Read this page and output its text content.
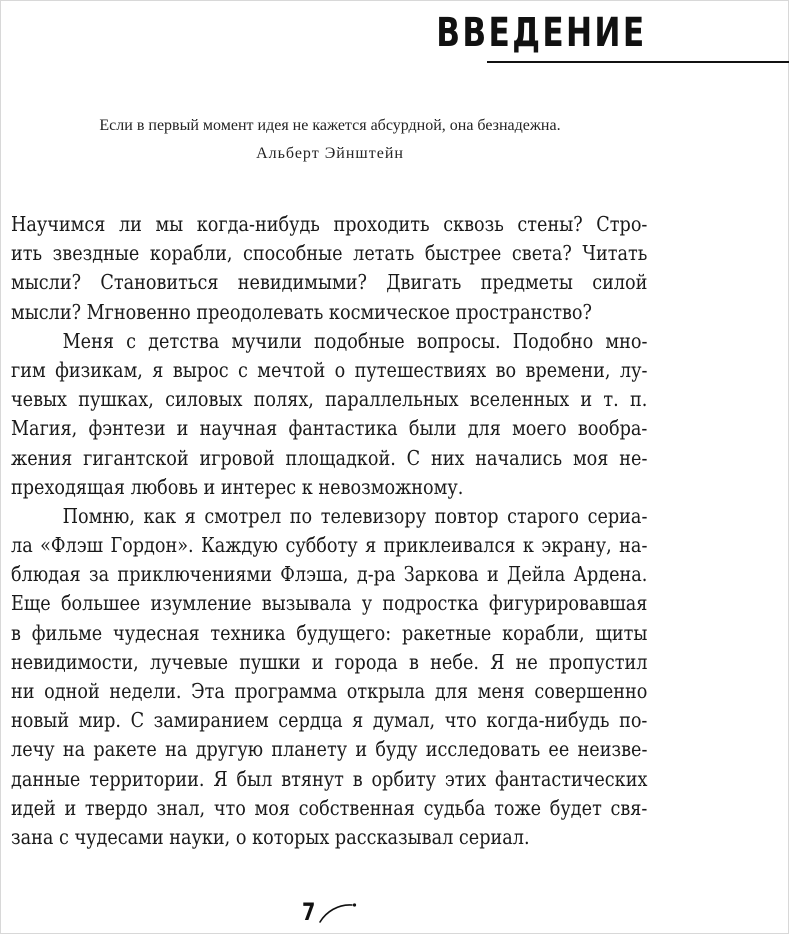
ВВЕДЕНИЕ
Если в первый момент идея не кажется абсурдной, она безнадежна.
Альберт Эйнштейн
Научимся ли мы когда-нибудь проходить сквозь стены? Стро-
ить звездные корабли, способные летать быстрее света? Читать
мысли? Становиться невидимыми? Двигать предметы силой
мысли? Мгновенно преодолевать космическое пространство?
Меня с детства мучили подобные вопросы. Подобно мно-
гим физикам, я вырос с мечтой о путешествиях во времени, лу-
чевых пушках, силовых полях, параллельных вселенных и т. п.
Магия, фэнтези и научная фантастика были для моего вообра-
жения гигантской игровой площадкой. С них начались моя не-
преходящая любовь и интерес к невозможному.
Помню, как я смотрел по телевизору повтор старого сериа-
ла «Флэш Гордон». Каждую субботу я приклеивался к экрану, на-
блюдая за приключениями Флэша, д-ра Заркова и Дейла Ардена.
Еще большее изумление вызывала у подростка фигурировавшая
в фильме чудесная техника будущего: ракетные корабли, щиты
невидимости, лучевые пушки и города в небе. Я не пропустил
ни одной недели. Эта программа открыла для меня совершенно
новый мир. С замиранием сердца я думал, что когда-нибудь по-
лечу на ракете на другую планету и буду исследовать ее неизве-
данные территории. Я был втянут в орбиту этих фантастических
идей и твердо знал, что моя собственная судьба тоже будет свя-
зана с чудесами науки, о которых рассказывал сериал.
7
